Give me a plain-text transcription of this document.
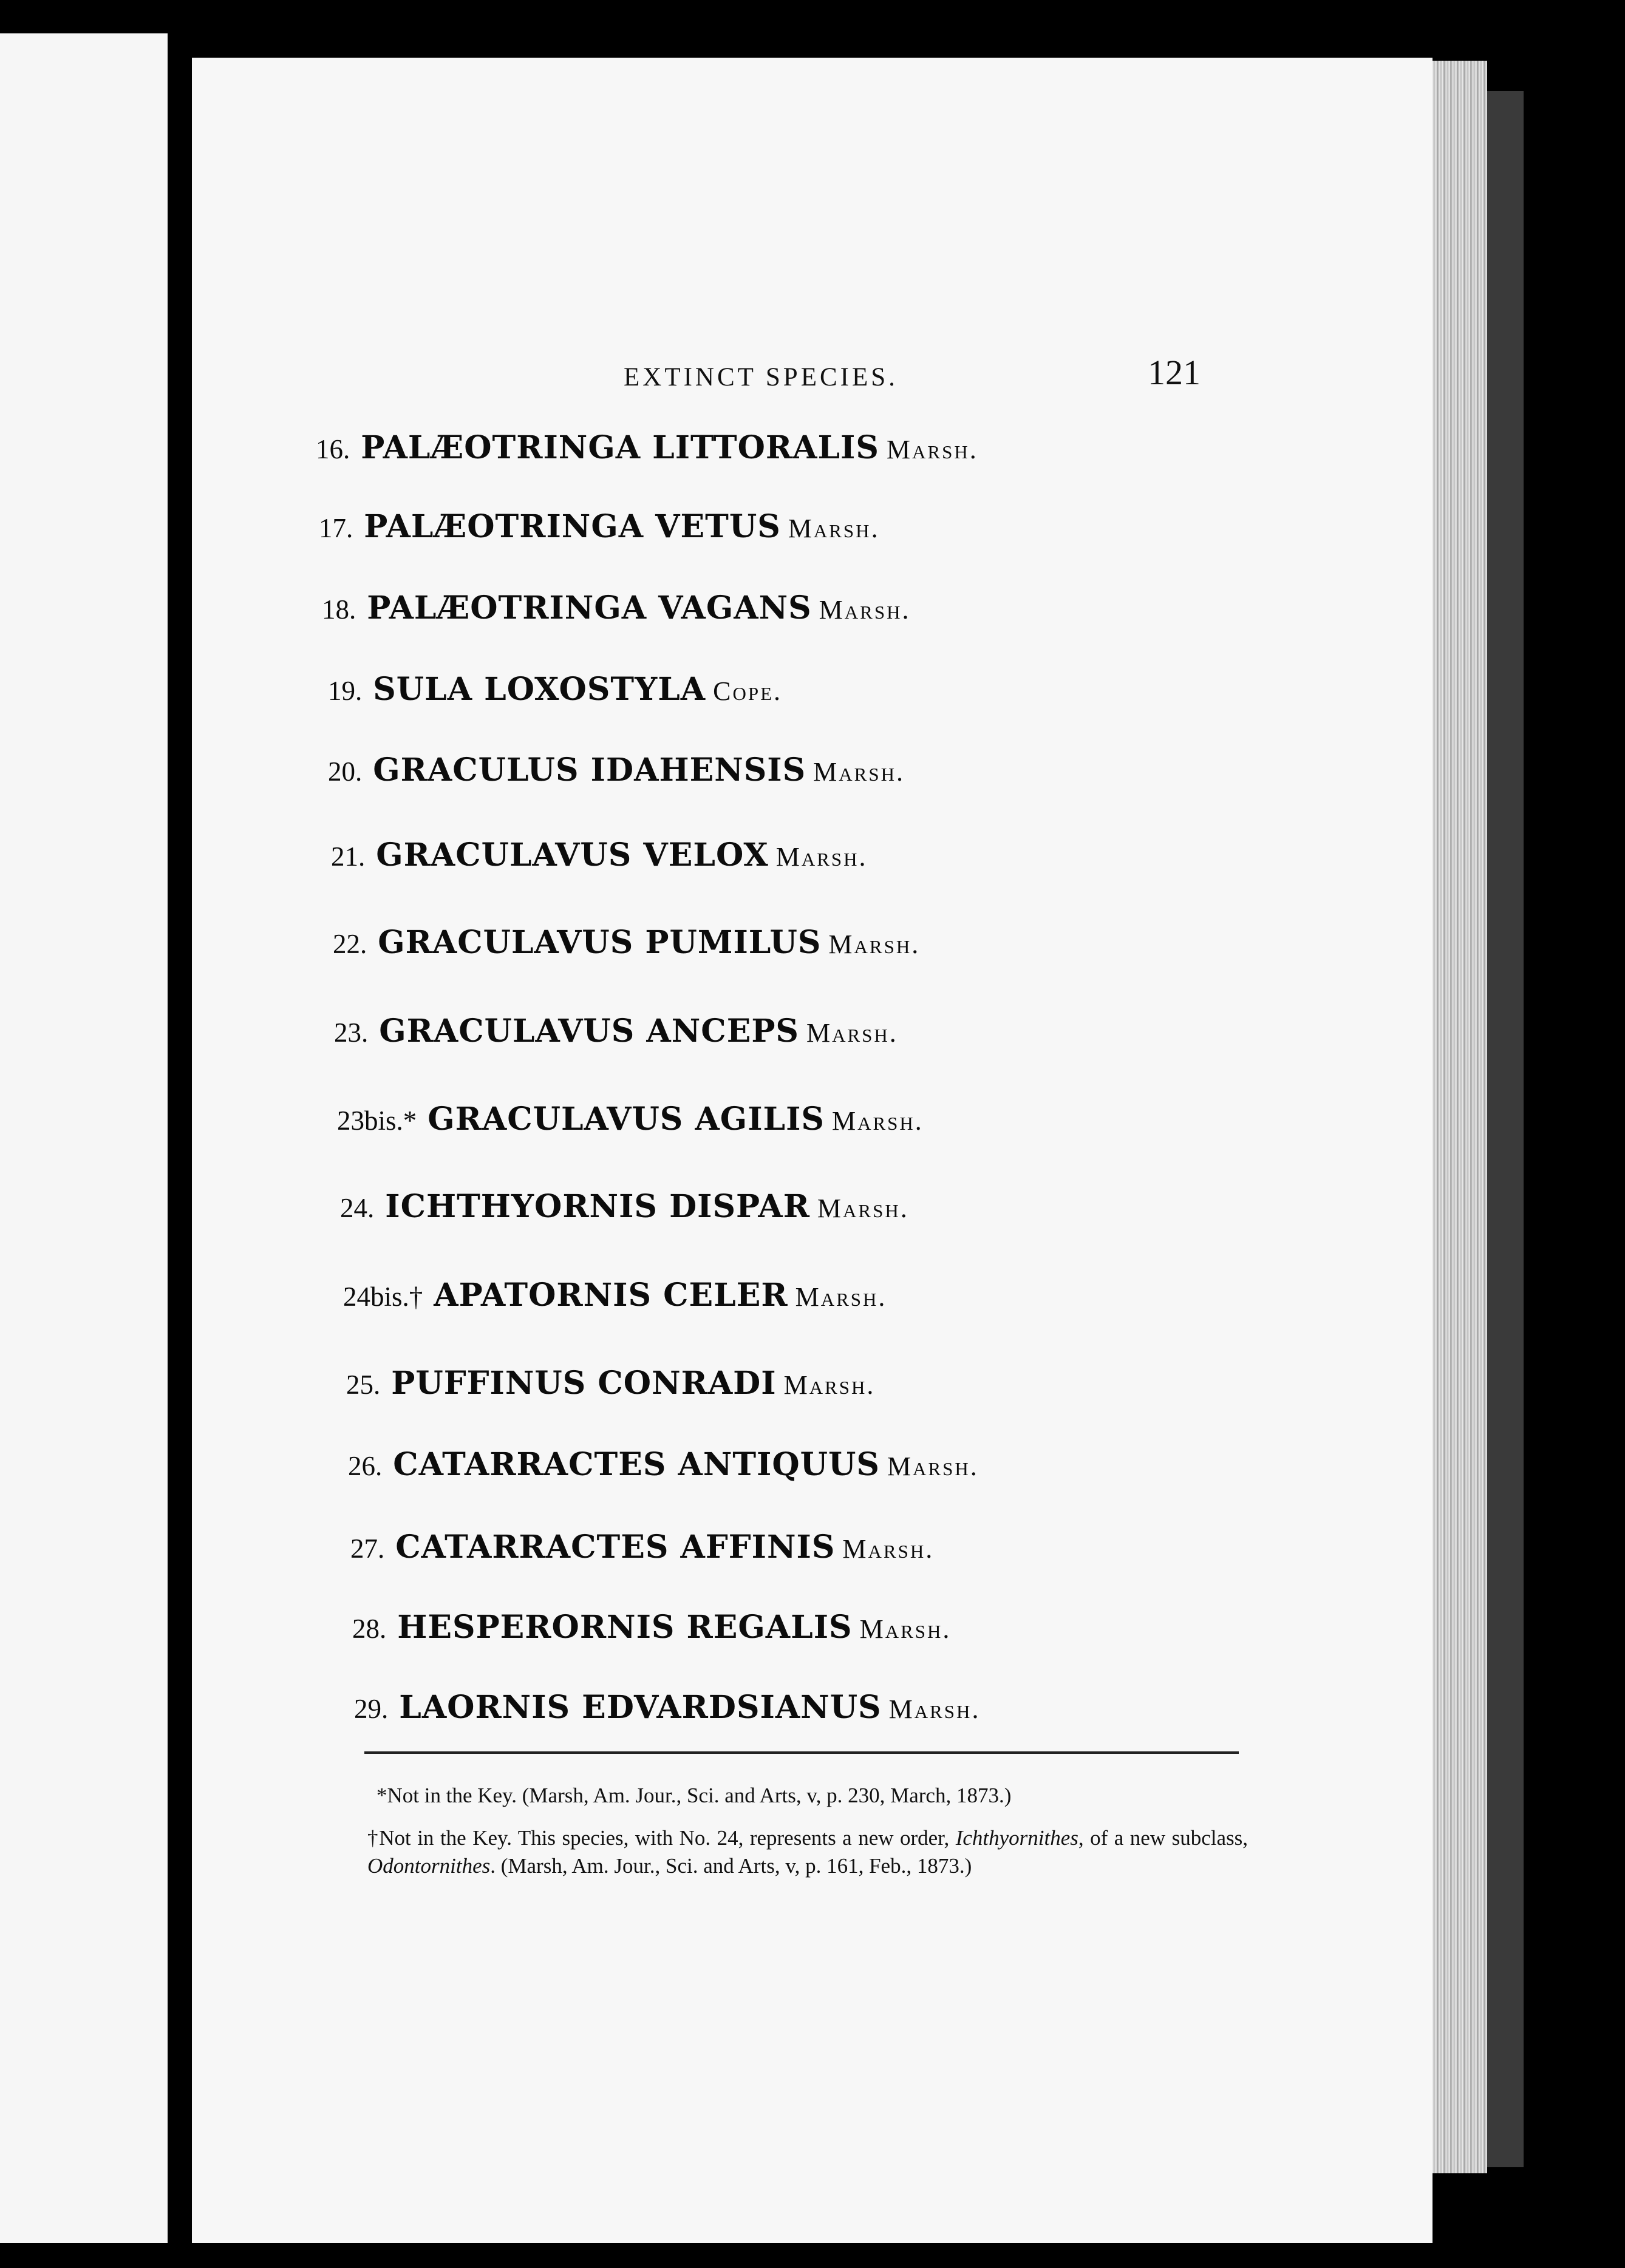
EXTINCT SPECIES.	121
16. PALÆOTRINGA LITTORALIS Marsh.
17. PALÆOTRINGA VETUS Marsh.
18. PALÆOTRINGA VAGANS Marsh.
19. SULA LOXOSTYLA Cope.
20. GRACULUS IDAHENSIS Marsh.
21. GRACULAVUS VELOX Marsh.
22. GRACULAVUS PUMILUS Marsh.
23. GRACULAVUS ANCEPS Marsh.
23bis.* GRACULAVUS AGILIS Marsh.
24. ICHTHYORNIS DISPAR Marsh.
24bis.† APATORNIS CELER Marsh.
25. PUFFINUS CONRADI Marsh.
26. CATARRACTES ANTIQUUS Marsh.
27. CATARRACTES AFFINIS Marsh.
28. HESPERORNIS REGALIS Marsh.
29. LAORNIS EDVARDSIANUS Marsh.
*Not in the Key. (Marsh, Am. Jour., Sci. and Arts, v, p. 230, March, 1873.)
†Not in the Key. This species, with No. 24, represents a new order, Ichthyornithes, of a new subclass, Odontornithes. (Marsh, Am. Jour., Sci. and Arts, v, p. 161, Feb., 1873.)
